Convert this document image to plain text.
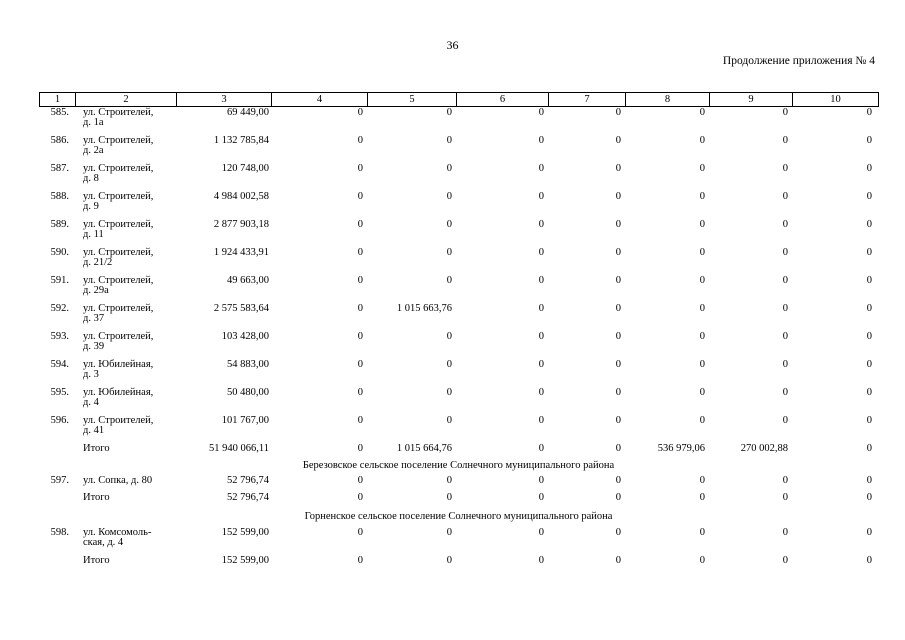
36
Продолжение приложения № 4
1	2	3	4	5	6	7	8	9	10
585. ул. Строителей,
д. 1а
69 449,00	0	0	0	0	0	0	0
586. ул. Строителей,
д. 2а
1 132 785,84	0	0	0	0	0	0	0
587. ул. Строителей,
д. 8
120 748,00	0	0	0	0	0	0	0
588. ул. Строителей,
д. 9
4 984 002,58	0	0	0	0	0	0	0
589. ул. Строителей,
д. 11
2 877 903,18	0	0	0	0	0	0	0
590. ул. Строителей,
д. 21/2
1 924 433,91	0	0	0	0	0	0	0
591. ул. Строителей,
д. 29а
49 663,00	0	0	0	0	0	0	0
592. ул. Строителей,
д. 37
2 575 583,64	0	1 015 663,76	0	0	0	0	0
593. ул. Строителей,
д. 39
103 428,00	0	0	0	0	0	0	0
594. ул. Юбилейная,
д. 3
54 883,00	0	0	0	0	0	0	0
595. ул. Юбилейная,
д. 4
50 480,00	0	0	0	0	0	0	0
596. ул. Строителей,
д. 41
101 767,00	0	0	0	0	0	0	0
Итого	51 940 066,11	0	1 015 664,76	0	0	536 979,06	270 002,88	0
Березовское сельское поселение Солнечного муниципального района
597. ул. Сопка, д. 80	52 796,74	0	0	0	0	0	0	0
Итого	52 796,74	0	0	0	0	0	0	0
Горненское сельское поселение Солнечного муниципального района
598. ул. Комсомоль-
ская, д. 4
152 599,00	0	0	0	0	0	0	0
Итого	152 599,00	0	0	0	0	0	0	0
